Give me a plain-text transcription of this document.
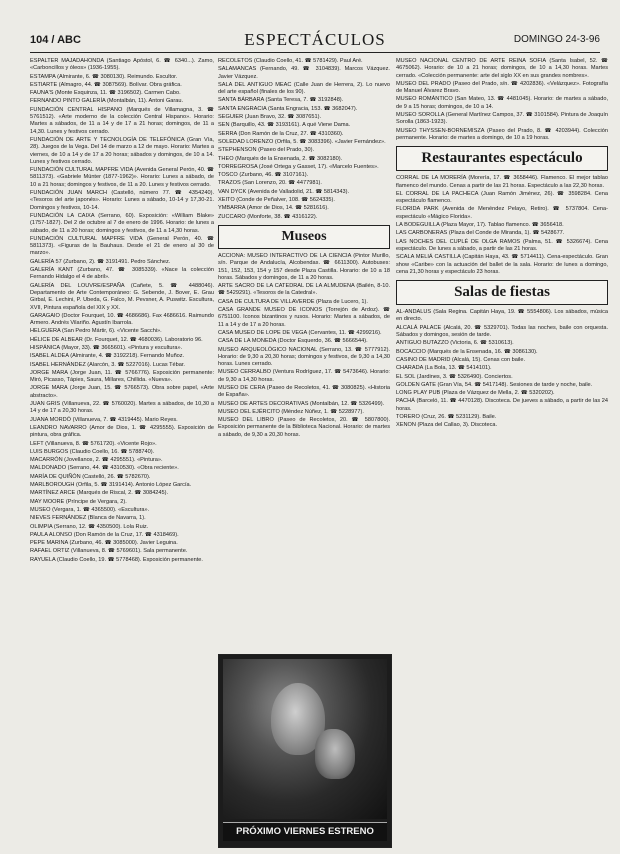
104 / ABC	ESPECTÁCULOS	DOMINGO 24-3-96

ESPALTER MAJADAHONDA (Santiago Apóstol, 6. ☎ 6340...). Zamo, «Carboncillos y óleos» (1936-1955).

ESTAMPA (Almirante, 6. ☎ 3080130). Reimundo. Escultor.

ESTIARTE (Almagro, 44. ☎ 3087569). Bolívar. Obra gráfica.

FAUNA'S (Monte Esquinza, 11. ☎ 3196502). Carmen Cabo.

FERNANDO PINTO GALERÍA (Montalbán, 11). Antoni Garau.

FUNDACIÓN CENTRAL HISPANO (Marqués de Villamagna, 3. ☎ 5761512). «Arte moderno de la colección Central Hispano». Horario: Martes a sábados, de 11 a 14 y de 17 a 21 horas; domingos, de 11 a 14,30. Lunes y festivos cerrado.

FUNDACIÓN DE ARTE Y TECNOLOGÍA DE TELEFÓNICA (Gran Vía, 28). Juegos de la Vega. Del 14 de marzo a 12 de mayo. Horario: Martes a viernes, de 10 a 14 y de 17 a 20 horas; sábados y domingos, de 10 a 14. Lunes y festivos cerrado.

FUNDACIÓN CULTURAL MAPFRE VIDA (Avenida General Perón, 40. ☎ 5811373). «Gabriele Münter (1877-1962)». Horario: Lunes a sábado, de 10 a 21 horas; domingos y festivos, de 11 a 20. Lunes y festivos cerrado.

FUNDACIÓN JUAN MARCH (Castelló, número 77. ☎ 4354240). «Tesoros del arte japonés». Horario: Lunes a sábado, 10-14 y 17,30-21. Domingos y festivos, 10-14.

FUNDACIÓN LA CAIXA (Serrano, 60). Exposición: «William Blake» (1757-1827). Del 2 de octubre al 7 de enero de 1996. Horario: de lunes a sábado, de 11 a 20 horas; domingos y festivos, de 11 a 14,30 horas.

FUNDACIÓN CULTURAL MAPFRE VIDA (General Perón, 40. ☎ 5811373). «Figuras de la Bauhaus. Desde el 21 de enero al 30 de marzo».

GALERÍA 57 (Zurbano, 2). ☎ 3191491. Pedro Sánchez.

GALERÍA KANT (Zurbano, 47. ☎ 3085339). «Nace la colección Fernando Hidalgo el 4 de abril».

GALERÍA DEL LOUVRE/ESPAÑA (Cañete, 5. ☎ 4488046). Departamento de Arte Contemporáneo: G. Sebende, J. Bover, E. Grau Girbal, E. Lechini, P. Ubeda, G. Falco, M. Pevsner, A. Puswitz. Escultura, XVII, Pintura española del XIX y XX.

GARAGAIO (Doctor Fourquet, 10. ☎ 4686686). Fax 4686616. Raimundo Armero. Andrés Vilariño. Agustín Ibarrola.

HELGUERA (San Pedro Mártir, 6). «Vicente Sacchi».

HÉLICE DE ALBEAR (Dr. Fourquet, 12. ☎ 4680036). Laboratorio 96.

HISPÁNICA (Mayor, 33). ☎ 3665601). «Pintura y escultura».

ISABEL ALDEA (Almirante, 4. ☎ 3192218). Fernando Muñoz.

ISABEL HERNÁNDEZ (Alarcón, 3. ☎ 5227016). Lucas Tébar.

JORGE MARA (Jorge Juan, 11. ☎ 5766776). Exposición permanente: Miró, Picasso, Tápies, Saura, Millares, Chillida. «Nueva».

JORGE MARA (Jorge Juan, 15. ☎ 5766573). Obra sobre papel, «Arte abstracto».

JUAN GRIS (Villanueva, 22. ☎ 5760020). Martes a sábados, de 10,30 a 14 y de 17 a 20,30 horas.

JUANA MORDÓ (Villanueva, 7. ☎ 4319445). Mario Reyes.

LEANDRO NAVARRO (Amor de Dios, 1. ☎ 4295555). Exposición de pintura, obra gráfica.

LEFT (Villanueva, 8. ☎ 5761720). «Vicente Rojo».

LUIS BURGOS (Claudio Coello, 16. ☎ 5788740).

MACARRÓN (Jovellanos, 2. ☎ 4295551). «Pintura».

MALDONADO (Serrano, 44. ☎ 4310530). «Obra reciente».

MARÍA DE QUIÑÓN (Castelló, 26. ☎ 5782670).

MARLBOROUGH (Orfila, 5. ☎ 3191414). Antonio López García.

MARTÍNEZ ARCE (Marqués de Riscal, 2. ☎ 3084245).

MAY MOORE (Príncipe de Vergara, 2).

MUSEO (Vergara, 1. ☎ 4365500). «Escultura».

NIEVES FERNÁNDEZ (Blanca de Navarra, 1).

OLIMPIA (Serrano, 12. ☎ 4350500). Lola Ruiz.

PAULA ALONSO (Don Ramón de la Cruz, 17. ☎ 4318469).

PEPE MARINA (Zurbano, 46. ☎ 3085000). Javier Leguina.

RAFAEL ORTIZ (Villanueva, 8. ☎ 5769601). Sala permanente.

RAYUELA (Claudio Coello, 19. ☎ 5778468). Exposición permanente.

RECOLETOS (Claudio Coello, 41. ☎ 5781429). Paul Aré.

SALAMANCAS (Fernando, 49. ☎ 3104839). Marcos Vázquez. Javier Vázquez.

SALA DEL ANTIGUO MEAC (Calle Juan de Herrera, 2). Lo nuevo del arte español (finales de los 90).

SANTA BÁRBARA (Santa Teresa, 7. ☎ 3192848).

SANTA ENGRACIA (Santa Engracia, 153. ☎ 3682047).

SEGUIER (Juan Bravo, 32. ☎ 3087651).

SEN (Barquillo, 43. ☎ 3193161). A qué Viene Dama.

SERRA (Don Ramón de la Cruz, 27. ☎ 4310360).

SOLEDAD LORENZO (Orfila, 5. ☎ 3083396). «Javier Fernández».

STEPHENSON (Paseo del Prado, 30).

THEO (Marqués de la Ensenada, 2. ☎ 3082180).

TORREGROSA (José Ortega y Gasset, 17). «Marcelo Fuentes».

TOSCO (Zurbano, 46. ☎ 3107161).

TRAZOS (San Lorenzo, 20. ☎ 4477981).

VAN DYCK (Avenida de Valladolid, 21. ☎ 5814343).

XEITO (Conde de Peñalver, 108. ☎ 5624335).

YMBARRA (Amor de Dios, 14. ☎ 5281616).

ZUCCARO (Monforte, 38. ☎ 4316122).

Museos

ACCIONA: MUSEO INTERACTIVO DE LA CIENCIA (Pintor Murillo, s/n. Parque de Andalucía, Alcobendas. ☎ 6611300). Autobuses: 151, 152, 153, 154 y 157 desde Plaza Castilla. Horario: de 10 a 18 horas. Sábados y domingos, de 11 a 20 horas.

ARTE SACRO DE LA CATEDRAL DE LA ALMUDENA (Bailén, 8-10. ☎ 5429291). «Tesoros de la Catedral».

CASA DE CULTURA DE VILLAVERDE (Plaza de Lucero, 1).

CASA GRANDE MUSEO DE ICONOS (Torrejón de Ardoz). ☎ 6751100. Iconos bizantinos y rusos. Horario: Martes a sábados, de 11 a 14 y de 17 a 20 horas.

CASA MUSEO DE LOPE DE VEGA (Cervantes, 11. ☎ 4299216).

CASA DE LA MONEDA (Doctor Esquerdo, 36. ☎ 5666544).

MUSEO ARQUEOLÓGICO NACIONAL (Serrano, 13. ☎ 5777912). Horario: de 9,30 a 20,30 horas; domingos y festivos, de 9,30 a 14,30 horas. Lunes cerrado.

MUSEO CERRALBO (Ventura Rodríguez, 17. ☎ 5473646). Horario: de 9,30 a 14,30 horas.

MUSEO DE CERA (Paseo de Recoletos, 41. ☎ 3080825). «Historia de España».

MUSEO DE ARTES DECORATIVAS (Montalbán, 12. ☎ 5326499).

MUSEO DEL EJÉRCITO (Méndez Núñez, 1. ☎ 5228977).

MUSEO DEL LIBRO (Paseo de Recoletos, 20. ☎ 5807800). Exposición permanente de la Biblioteca Nacional. Horario: de martes a sábado, de 9,30 a 20,30 horas.

PRÓXIMO VIERNES ESTRENO

MUSEO NACIONAL CENTRO DE ARTE REINA SOFÍA (Santa Isabel, 52. ☎ 4675062). Horario: de 10 a 21 horas; domingos, de 10 a 14,30 horas. Martes cerrado. «Colección permanente: arte del siglo XX en sus grandes nombres».

MUSEO DEL PRADO (Paseo del Prado, s/n. ☎ 4202836). «Velázquez». Fotografía de Manuel Álvarez Bravo.

MUSEO ROMÁNTICO (San Mateo, 13. ☎ 4481045). Horario: de martes a sábado, de 9 a 15 horas; domingos, de 10 a 14.

MUSEO SOROLLA (General Martínez Campos, 37. ☎ 3101584). Pintura de Joaquín Sorolla (1863-1923).

MUSEO THYSSEN-BORNEMISZA (Paseo del Prado, 8. ☎ 4203944). Colección permanente. Horario: de martes a domingo, de 10 a 19 horas.

Restaurantes espectáculo

CORRAL DE LA MORERÍA (Morería, 17. ☎ 3658446). Flamenco. El mejor tablao flamenco del mundo. Cenas a partir de las 21 horas. Espectáculo a las 22,30 horas.

EL CORRAL DE LA PACHECA (Juan Ramón Jiménez, 26). ☎ 3598284. Cena espectáculo flamenco.

FLORIDA PARK (Avenida de Menéndez Pelayo, Retiro). ☎ 5737804. Cena-espectáculo «Mágico Florida».

LA BODEGUILLA (Plaza Mayor, 17). Tablao flamenco. ☎ 3656418.

LAS CARBONERAS (Plaza del Conde de Miranda, 1). ☎ 5428677.

LAS NOCHES DEL CUPLÉ DE OLGA RAMOS (Palma, 51. ☎ 5326674). Cena espectáculo. De lunes a sábado, a partir de las 21 horas.

SCALA MELIÁ CASTILLA (Capitán Haya, 43. ☎ 5714411). Cena-espectáculo. Gran show «Caribe» con la actuación del ballet de la sala. Horario: de lunes a domingo, cena 21,30 horas y espectáculo 23 horas.

Salas de fiestas

AL-ANDALUS (Sala Regina. Capitán Haya, 19. ☎ 5554806). Los sábados, música en directo.

ALCALÁ PALACE (Alcalá, 20. ☎ 5329701). Todas las noches, baile con orquesta. Sábados y domingos, sesión de tarde.

ANTIGUO BUTAZZO (Victoria, 6. ☎ 5310613).

BOCACCIO (Marqués de la Ensenada, 16. ☎ 3086130).

CASINO DE MADRID (Alcalá, 15). Cenas con baile.

CHARADA (La Bola, 13. ☎ 5414101).

EL SOL (Jardines, 3. ☎ 5326490). Conciertos.

GOLDEN GATE (Gran Vía, 54. ☎ 5417148). Sesiones de tarde y noche, baile.

LONG PLAY PUB (Plaza de Vázquez de Mella, 2. ☎ 5320202).

PACHÁ (Barceló, 11. ☎ 4470128). Discoteca. De jueves a sábado, a partir de las 24 horas.

TORERO (Cruz, 26. ☎ 5231129). Baile.

XENON (Plaza del Callao, 3). Discoteca.
